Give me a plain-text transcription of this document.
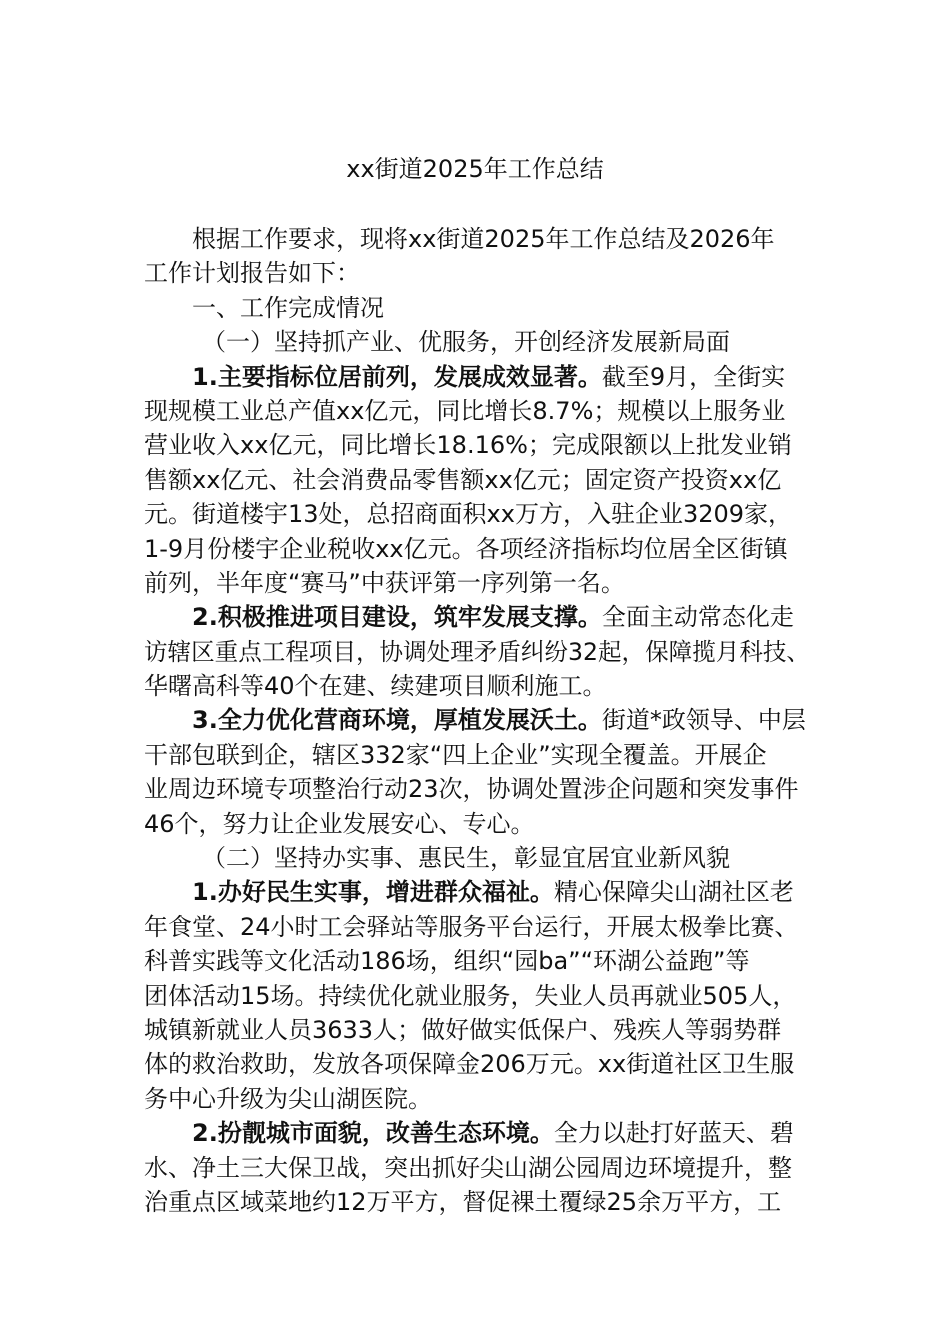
xx街道2025年工作总结
根据工作要求，现将xx街道2025年工作总结及2026年
工作计划报告如下：
一、工作完成情况
（一）坚持抓产业、优服务，开创经济发展新局面
1.主要指标位居前列，发展成效显著。截至9月，全街实
现规模工业总产值xx亿元，同比增长8.7%；规模以上服务业
营业收入xx亿元，同比增长18.16%；完成限额以上批发业销
售额xx亿元、社会消费品零售额xx亿元；固定资产投资xx亿
元。街道楼宇13处，总招商面积xx万方，入驻企业3209家，
1-9月份楼宇企业税收xx亿元。各项经济指标均位居全区街镇
前列，半年度“赛马”中获评第一序列第一名。
2.积极推进项目建设，筑牢发展支撑。全面主动常态化走
访辖区重点工程项目，协调处理矛盾纠纷32起，保障揽月科技、
华曙高科等40个在建、续建项目顺利施工。
3.全力优化营商环境，厚植发展沃土。街道*政领导、中层
干部包联到企，辖区332家“四上企业”实现全覆盖。开展企
业周边环境专项整治行动23次，协调处置涉企问题和突发事件
46个，努力让企业发展安心、专心。
（二）坚持办实事、惠民生，彰显宜居宜业新风貌
1.办好民生实事，增进群众福祉。精心保障尖山湖社区老
年食堂、24小时工会驿站等服务平台运行，开展太极拳比赛、
科普实践等文化活动186场，组织“园ba”“环湖公益跑”等
团体活动15场。持续优化就业服务，失业人员再就业505人，
城镇新就业人员3633人；做好做实低保户、残疾人等弱势群
体的救治救助，发放各项保障金206万元。xx街道社区卫生服
务中心升级为尖山湖医院。
2.扮靓城市面貌，改善生态环境。全力以赴打好蓝天、碧
水、净土三大保卫战，突出抓好尖山湖公园周边环境提升，整
治重点区域菜地约12万平方，督促裸土覆绿25余万平方，工
